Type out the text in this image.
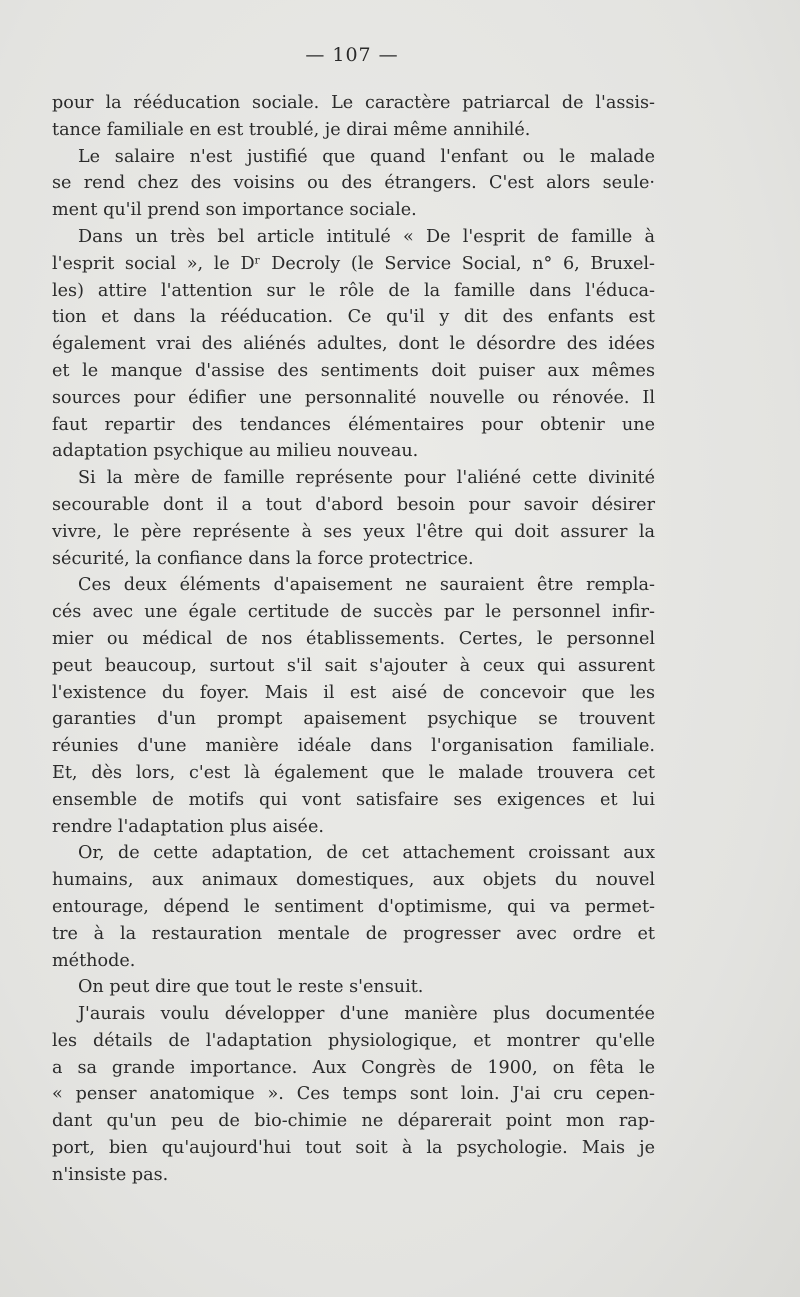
— 107 —

pour la rééducation sociale. Le caractère patriarcal de l'assis-
tance familiale en est troublé, je dirai même annihilé.

Le salaire n'est justifié que quand l'enfant ou le malade
se rend chez des voisins ou des étrangers. C'est alors seule·
ment qu'il prend son importance sociale.

Dans un très bel article intitulé « De l'esprit de famille à
l'esprit social », le Dʳ Decroly (le Service Social, n° 6, Bruxel-
les) attire l'attention sur le rôle de la famille dans l'éduca-
tion et dans la rééducation. Ce qu'il y dit des enfants est
également vrai des aliénés adultes, dont le désordre des idées
et le manque d'assise des sentiments doit puiser aux mêmes
sources pour édifier une personnalité nouvelle ou rénovée. Il
faut repartir des tendances élémentaires pour obtenir une
adaptation psychique au milieu nouveau.

Si la mère de famille représente pour l'aliéné cette divinité
secourable dont il a tout d'abord besoin pour savoir désirer
vivre, le père représente à ses yeux l'être qui doit assurer la
sécurité, la confiance dans la force protectrice.

Ces deux éléments d'apaisement ne sauraient être rempla-
cés avec une égale certitude de succès par le personnel infir-
mier ou médical de nos établissements. Certes, le personnel
peut beaucoup, surtout s'il sait s'ajouter à ceux qui assurent
l'existence du foyer. Mais il est aisé de concevoir que les
garanties d'un prompt apaisement psychique se trouvent
réunies d'une manière idéale dans l'organisation familiale.
Et, dès lors, c'est là également que le malade trouvera cet
ensemble de motifs qui vont satisfaire ses exigences et lui
rendre l'adaptation plus aisée.

Or, de cette adaptation, de cet attachement croissant aux
humains, aux animaux domestiques, aux objets du nouvel
entourage, dépend le sentiment d'optimisme, qui va permet-
tre à la restauration mentale de progresser avec ordre et
méthode.

On peut dire que tout le reste s'ensuit.

J'aurais voulu développer d'une manière plus documentée
les détails de l'adaptation physiologique, et montrer qu'elle
a sa grande importance. Aux Congrès de 1900, on fêta le
« penser anatomique ». Ces temps sont loin. J'ai cru cepen-
dant qu'un peu de bio-chimie ne déparerait point mon rap-
port, bien qu'aujourd'hui tout soit à la psychologie. Mais je
n'insiste pas.
